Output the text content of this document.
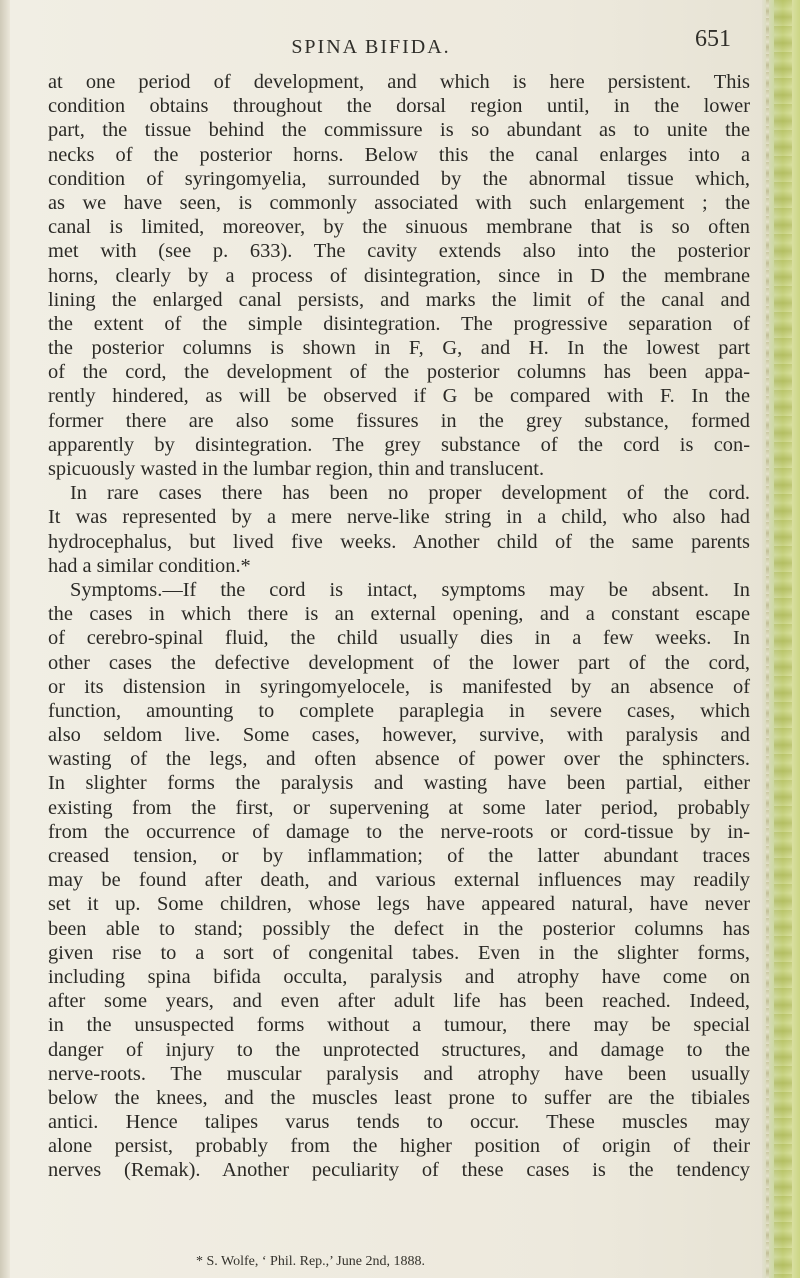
SPINA BIFIDA.	651
at one period of development, and which is here persistent. This
condition obtains throughout the dorsal region until, in the lower
part, the tissue behind the commissure is so abundant as to unite the
necks of the posterior horns. Below this the canal enlarges into a
condition of syringomyelia, surrounded by the abnormal tissue which,
as we have seen, is commonly associated with such enlargement ; the
canal is limited, moreover, by the sinuous membrane that is so often
met with (see p. 633). The cavity extends also into the posterior
horns, clearly by a process of disintegration, since in D the membrane
lining the enlarged canal persists, and marks the limit of the canal and
the extent of the simple disintegration. The progressive separation of
the posterior columns is shown in F, G, and H. In the lowest part
of the cord, the development of the posterior columns has been appa-
rently hindered, as will be observed if G be compared with F. In the
former there are also some fissures in the grey substance, formed
apparently by disintegration. The grey substance of the cord is con-
spicuously wasted in the lumbar region, thin and translucent.
In rare cases there has been no proper development of the cord.
It was represented by a mere nerve-like string in a child, who also had
hydrocephalus, but lived five weeks. Another child of the same parents
had a similar condition.*
Symptoms.—If the cord is intact, symptoms may be absent. In
the cases in which there is an external opening, and a constant escape
of cerebro-spinal fluid, the child usually dies in a few weeks. In
other cases the defective development of the lower part of the cord,
or its distension in syringomyelocele, is manifested by an absence of
function, amounting to complete paraplegia in severe cases, which
also seldom live. Some cases, however, survive, with paralysis and
wasting of the legs, and often absence of power over the sphincters.
In slighter forms the paralysis and wasting have been partial, either
existing from the first, or supervening at some later period, probably
from the occurrence of damage to the nerve-roots or cord-tissue by in-
creased tension, or by inflammation; of the latter abundant traces
may be found after death, and various external influences may readily
set it up. Some children, whose legs have appeared natural, have never
been able to stand; possibly the defect in the posterior columns has
given rise to a sort of congenital tabes. Even in the slighter forms,
including spina bifida occulta, paralysis and atrophy have come on
after some years, and even after adult life has been reached. Indeed,
in the unsuspected forms without a tumour, there may be special
danger of injury to the unprotected structures, and damage to the
nerve-roots. The muscular paralysis and atrophy have been usually
below the knees, and the muscles least prone to suffer are the tibiales
antici. Hence talipes varus tends to occur. These muscles may
alone persist, probably from the higher position of origin of their
nerves (Remak). Another peculiarity of these cases is the tendency
* S. Wolfe, ‘ Phil. Rep.,’ June 2nd, 1888.
